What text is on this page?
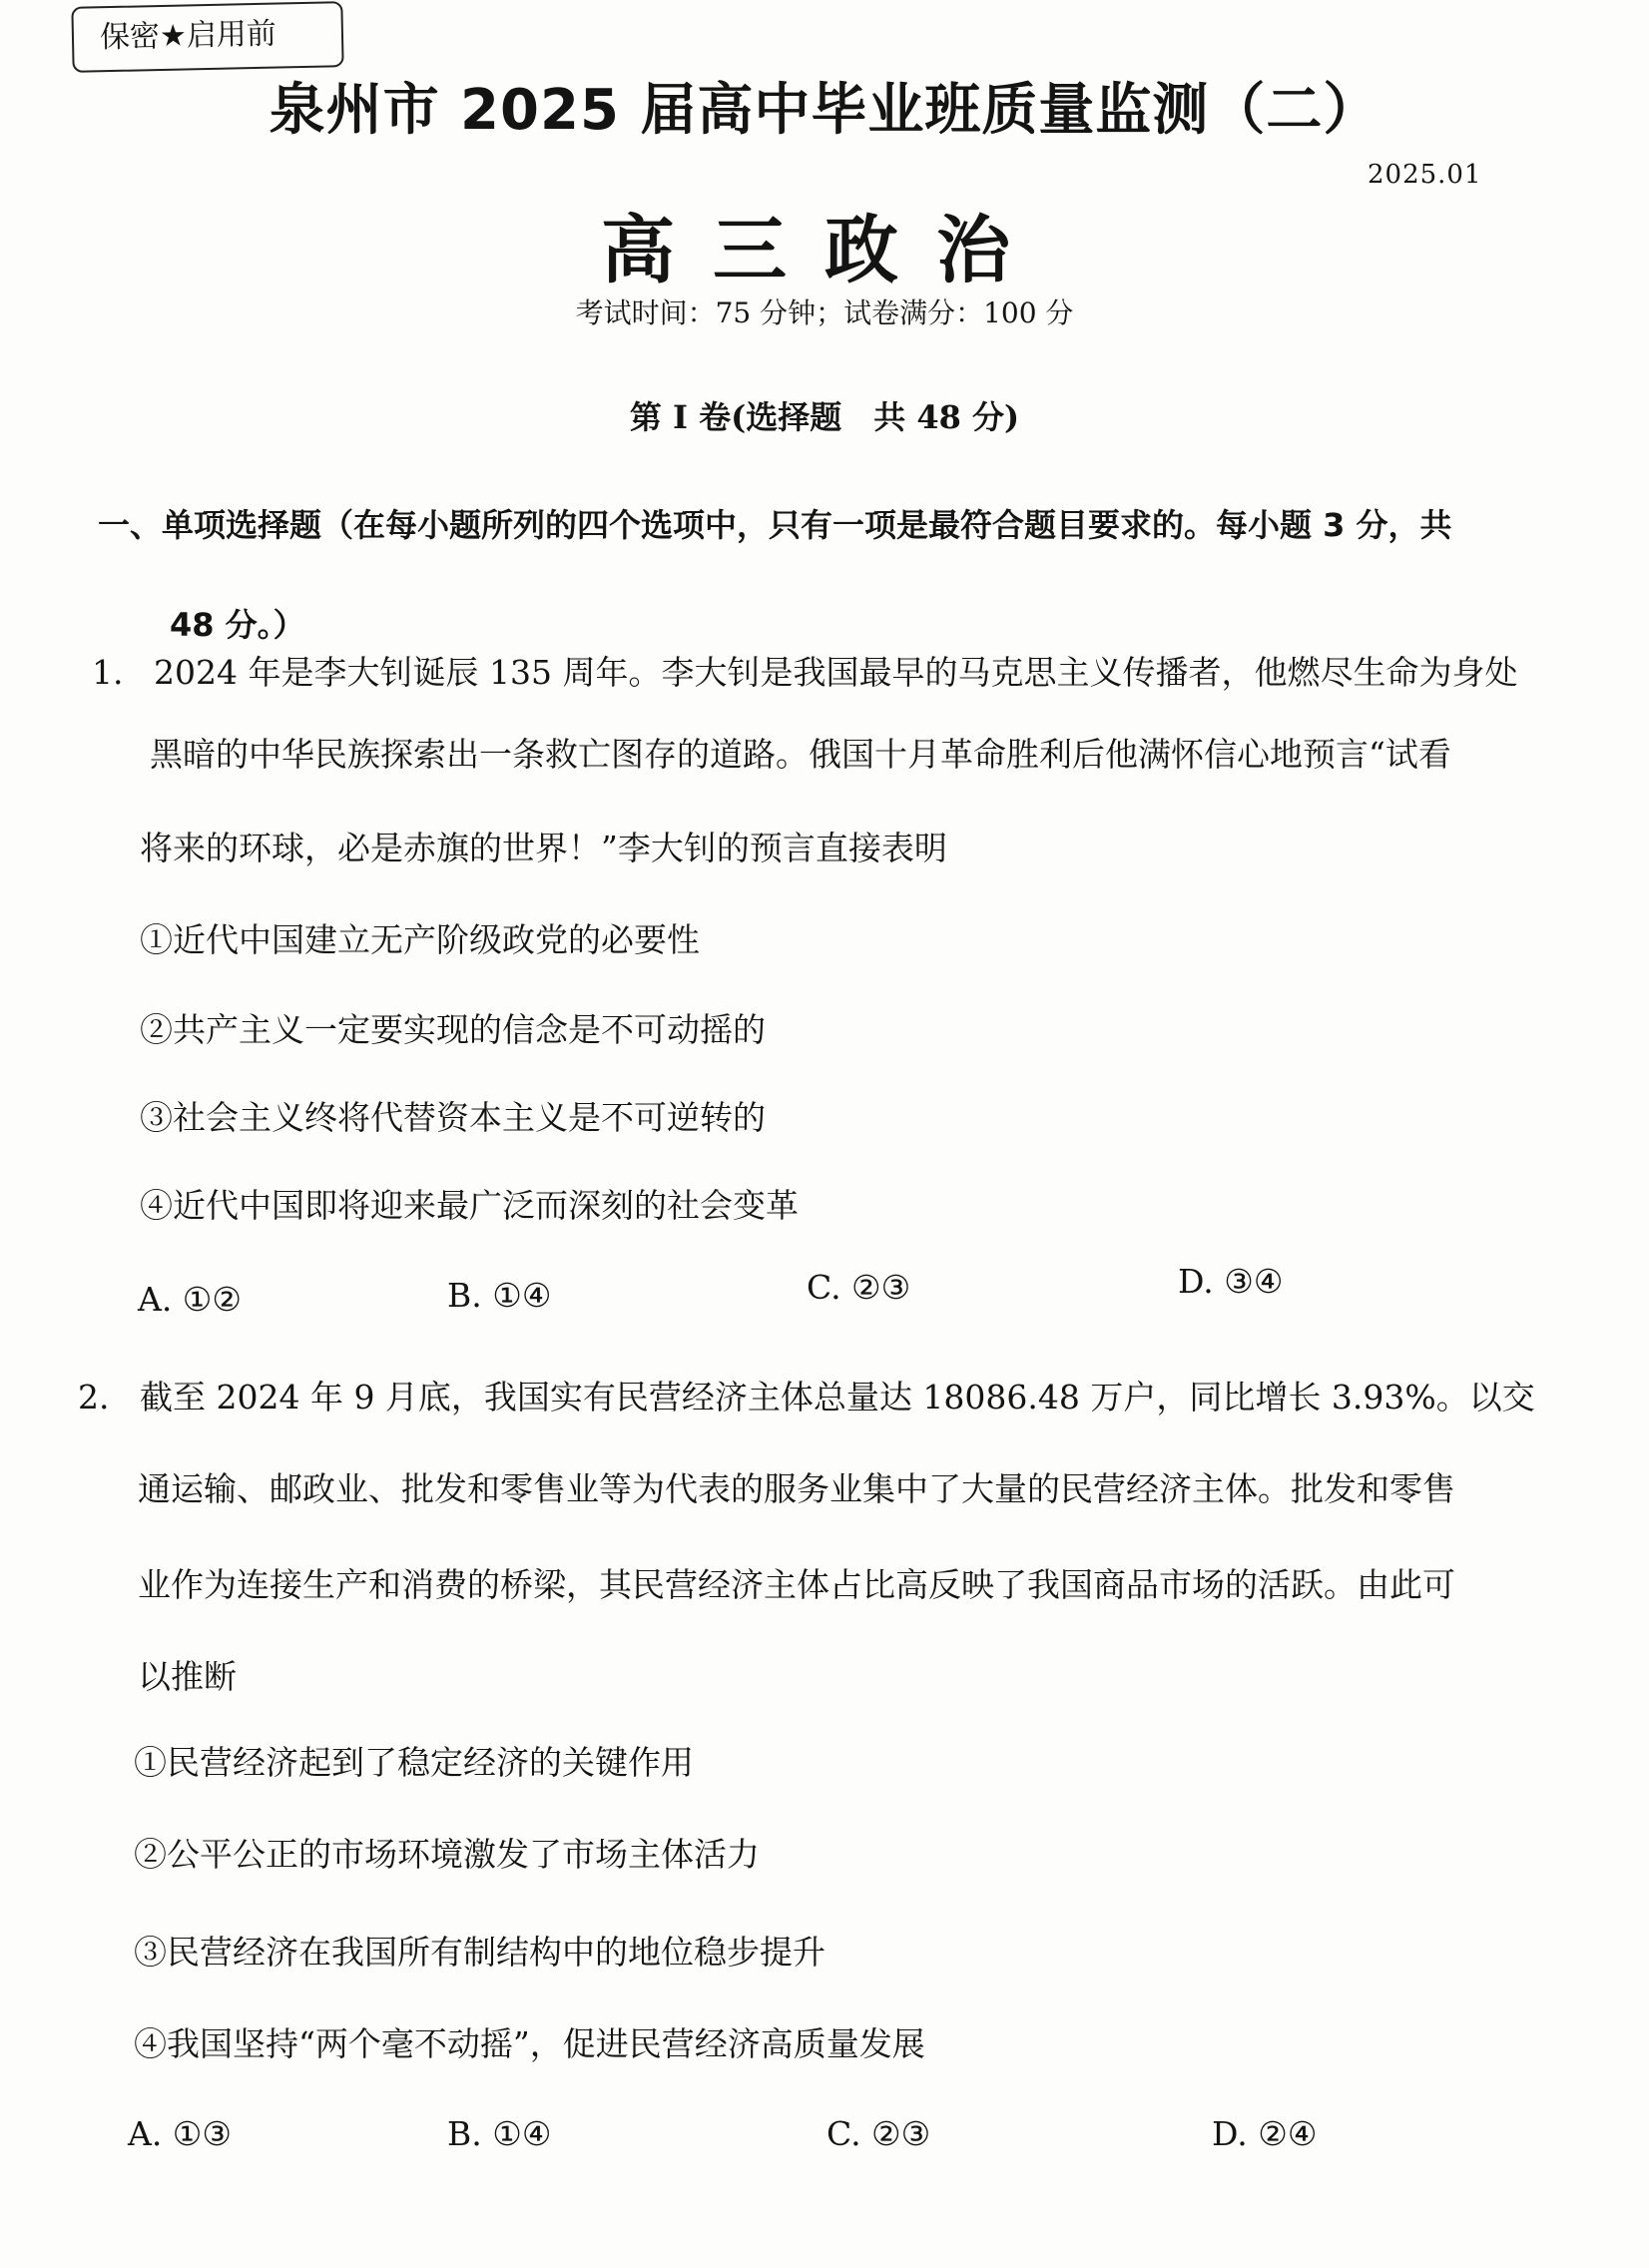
保密★启用前
泉州市 2025 届高中毕业班质量监测（二）
2025.01
高三政治
考试时间：75 分钟；试卷满分：100 分
第 I 卷(选择题　共 48 分)
一、单项选择题（在每小题所列的四个选项中，只有一项是最符合题目要求的。每小题 3 分，共
48 分。）
1. 2024 年是李大钊诞辰 135 周年。李大钊是我国最早的马克思主义传播者，他燃尽生命为身处
黑暗的中华民族探索出一条救亡图存的道路。俄国十月革命胜利后他满怀信心地预言“试看
将来的环球，必是赤旗的世界！”李大钊的预言直接表明
①近代中国建立无产阶级政党的必要性
②共产主义一定要实现的信念是不可动摇的
③社会主义终将代替资本主义是不可逆转的
④近代中国即将迎来最广泛而深刻的社会变革
A. ①②	B. ①④	C. ②③	D. ③④
2. 截至 2024 年 9 月底，我国实有民营经济主体总量达 18086.48 万户，同比增长 3.93%。以交
通运输、邮政业、批发和零售业等为代表的服务业集中了大量的民营经济主体。批发和零售
业作为连接生产和消费的桥梁，其民营经济主体占比高反映了我国商品市场的活跃。由此可
以推断
①民营经济起到了稳定经济的关键作用
②公平公正的市场环境激发了市场主体活力
③民营经济在我国所有制结构中的地位稳步提升
④我国坚持“两个毫不动摇”，促进民营经济高质量发展
A. ①③	B. ①④	C. ②③	D. ②④
